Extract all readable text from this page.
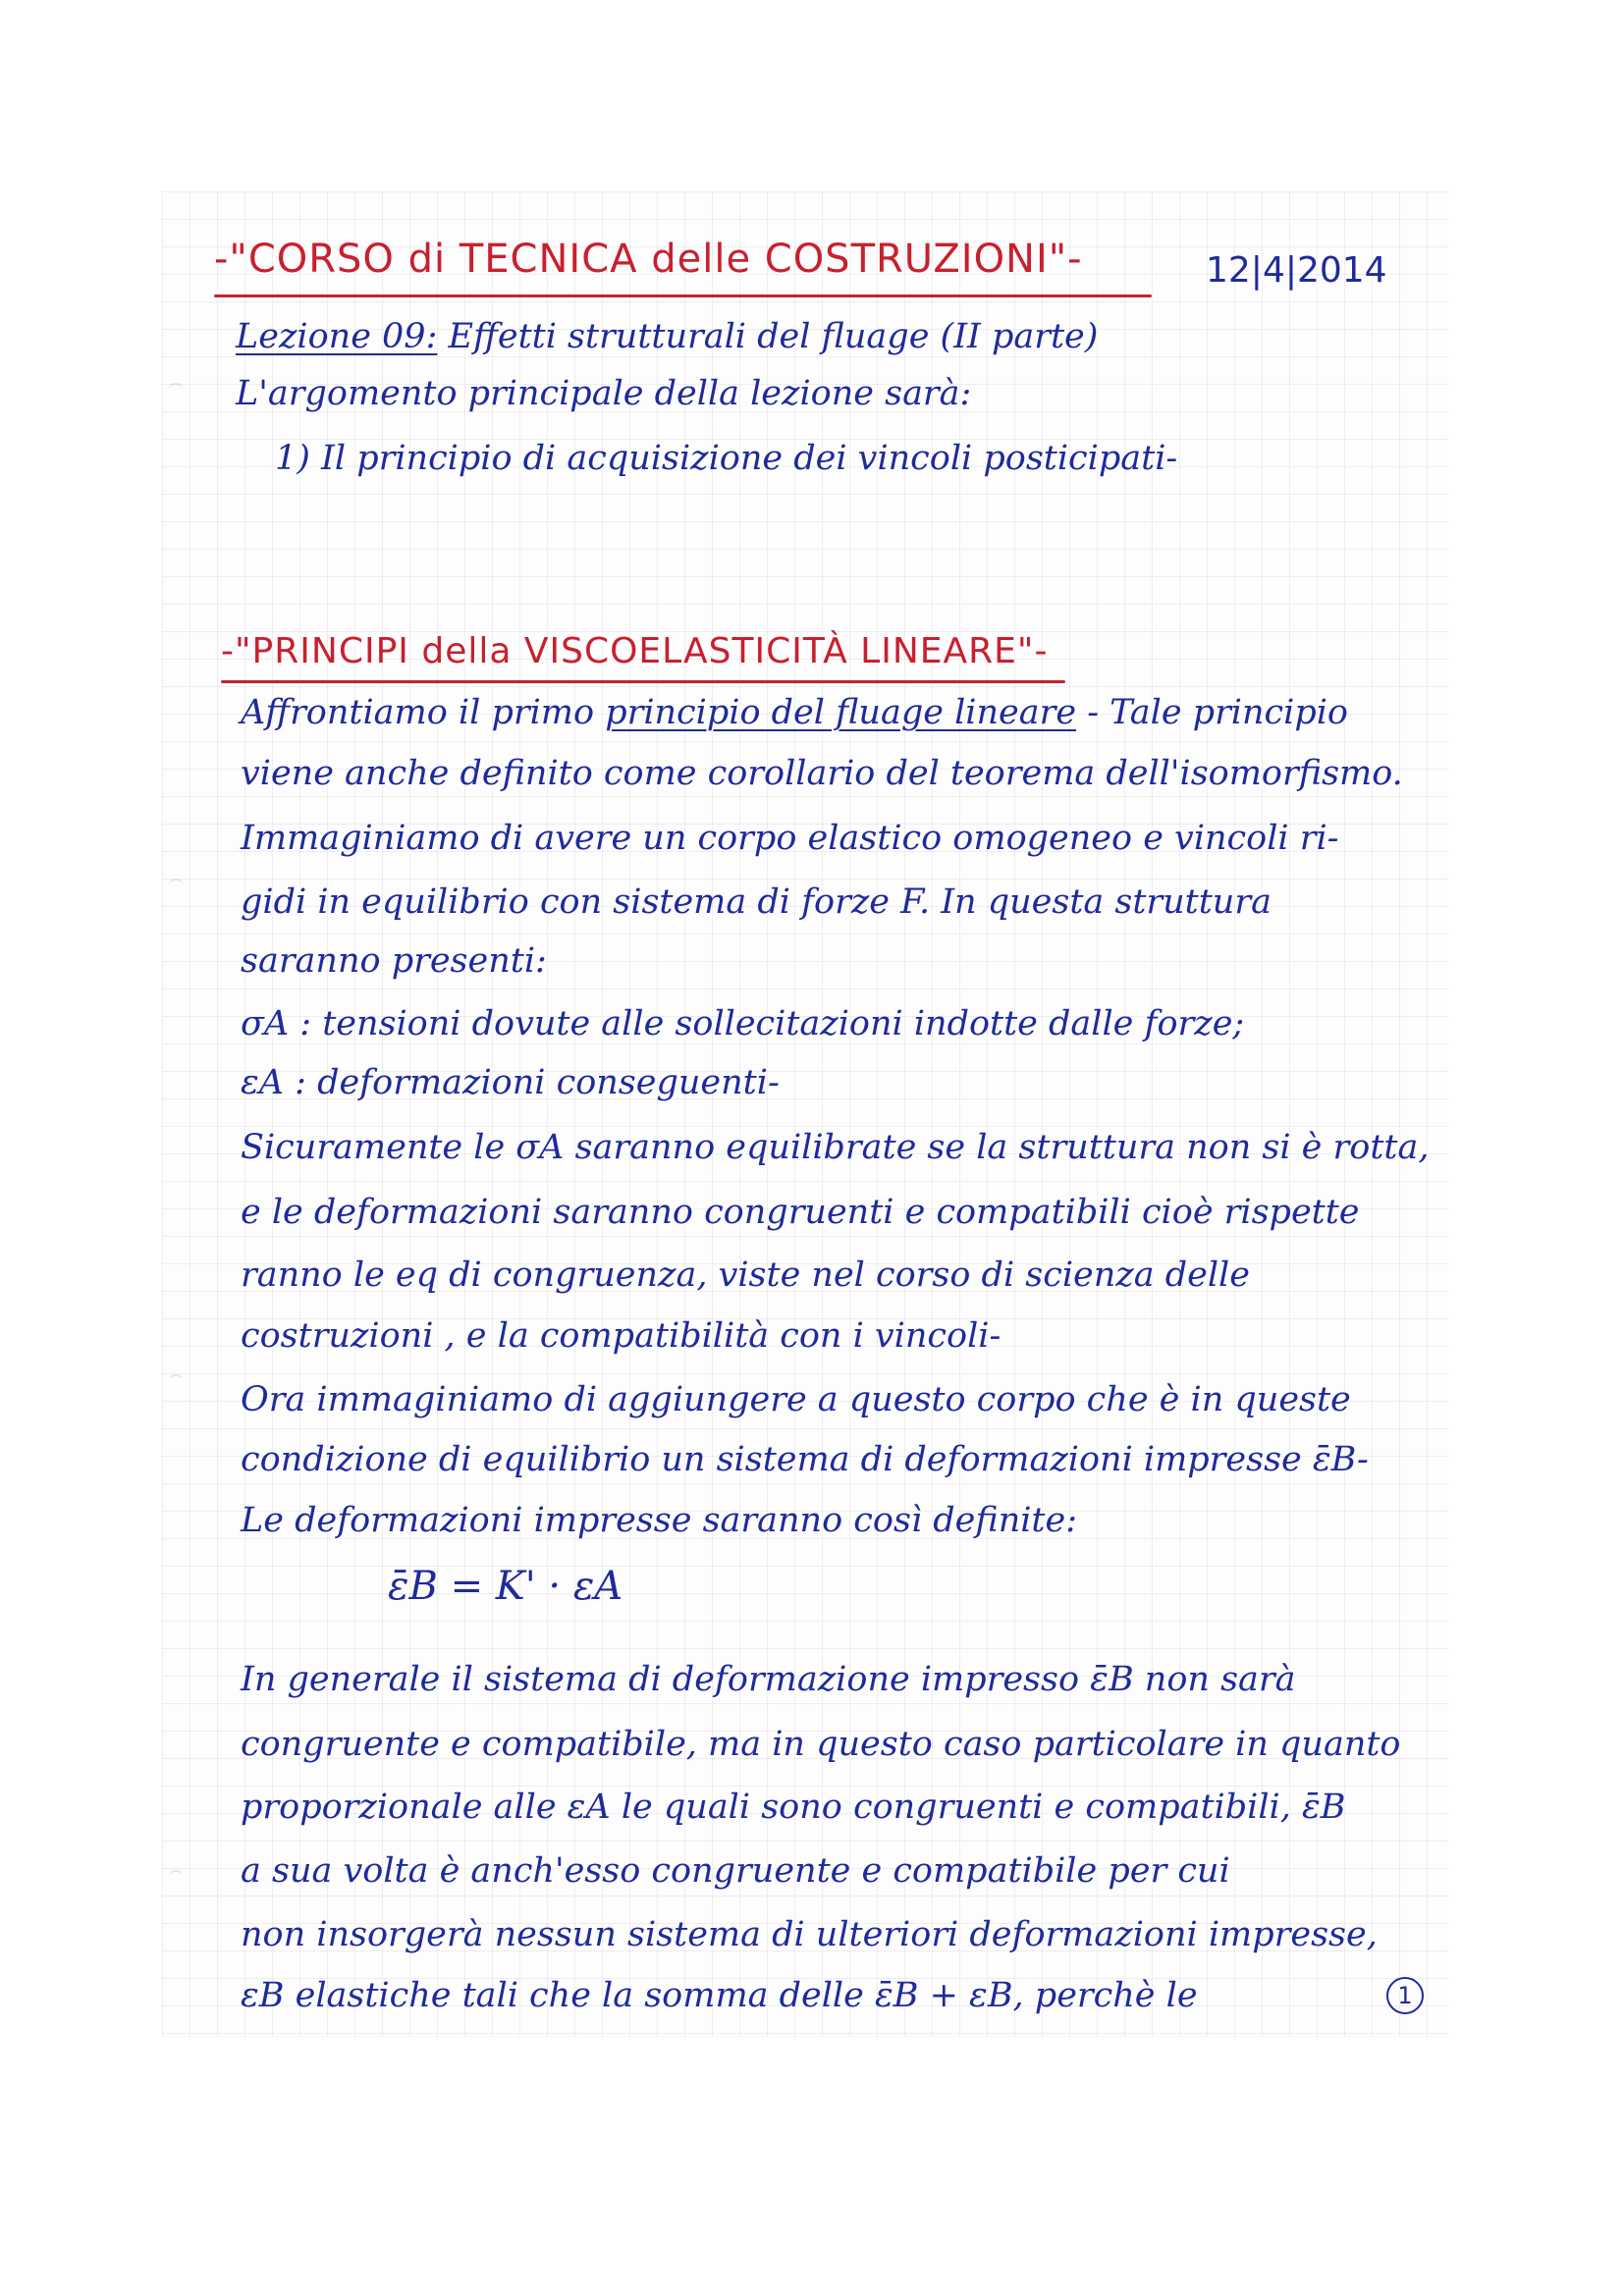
-"CORSO di TECNICA delle COSTRUZIONI"-	12|4|2014
Lezione 09: Effetti strutturali del fluage (II parte)
L'argomento principale della lezione sarà:
1) Il principio di acquisizione dei vincoli posticipati-
-"PRINCIPI della VISCOELASTICITÀ LINEARE"-
Affrontiamo il primo principio del fluage lineare - Tale principio
viene anche definito come corollario del teorema dell'isomorfismo.
Immaginiamo di avere un corpo elastico omogeneo e vincoli ri-
gidi in equilibrio con sistema di forze F. In questa struttura
saranno presenti:
σA : tensioni dovute alle sollecitazioni indotte dalle forze;
εA : deformazioni conseguenti-
Sicuramente le σA saranno equilibrate se la struttura non si è rotta,
e le deformazioni saranno congruenti e compatibili cioè rispette
ranno le eq di congruenza, viste nel corso di scienza delle
costruzioni , e la compatibilità con i vincoli-
Ora immaginiamo di aggiungere a questo corpo che è in queste
condizione di equilibrio un sistema di deformazioni impresse ε̄B-
Le deformazioni impresse saranno così definite:
ε̄B = K' · εA
In generale il sistema di deformazione impresso ε̄B non sarà
congruente e compatibile, ma in questo caso particolare in quanto
proporzionale alle εA le quali sono congruenti e compatibili, ε̄B
a sua volta è anch'esso congruente e compatibile per cui
non insorgerà nessun sistema di ulteriori deformazioni impresse,
εB elastiche tali che la somma delle ε̄B + εB, perchè le	1
